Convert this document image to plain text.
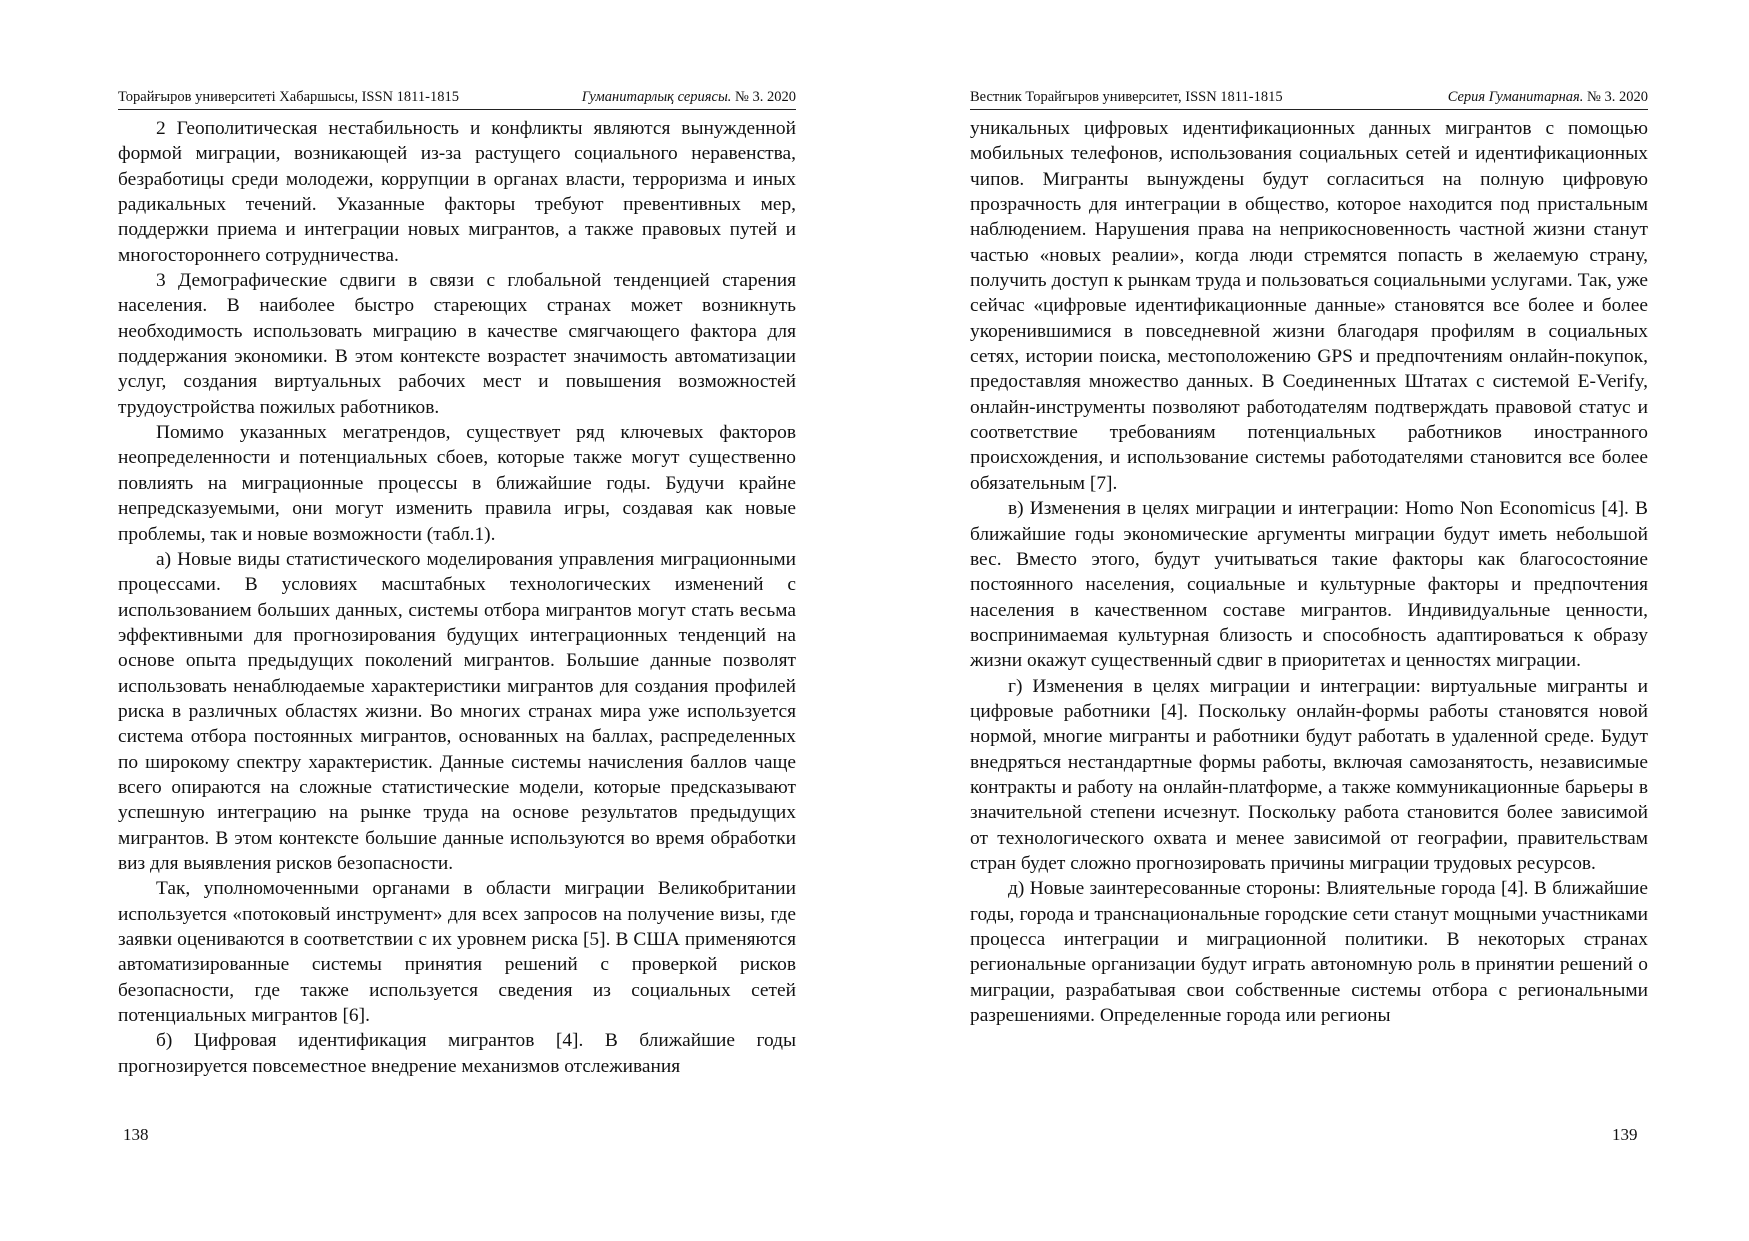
Торайғыров университеті Хабаршысы, ISSN 1811-1815	Гуманитарлық сериясы. № 3. 2020

2 Геополитическая нестабильность и конфликты являются вынужденной формой миграции, возникающей из-за растущего социального неравенства, безработицы среди молодежи, коррупции в органах власти, терроризма и иных радикальных течений. Указанные факторы требуют превентивных мер, поддержки приема и интеграции новых мигрантов, а также правовых путей и многостороннего сотрудничества.

3 Демографические сдвиги в связи с глобальной тенденцией старения населения. В наиболее быстро стареющих странах может возникнуть необходимость использовать миграцию в качестве смягчающего фактора для поддержания экономики. В этом контексте возрастет значимость автоматизации услуг, создания виртуальных рабочих мест и повышения возможностей трудоустройства пожилых работников.

Помимо указанных мегатрендов, существует ряд ключевых факторов неопределенности и потенциальных сбоев, которые также могут существенно повлиять на миграционные процессы в ближайшие годы. Будучи крайне непредсказуемыми, они могут изменить правила игры, создавая как новые проблемы, так и новые возможности (табл.1).

а) Новые виды статистического моделирования управления миграционными процессами. В условиях масштабных технологических изменений с использованием больших данных, системы отбора мигрантов могут стать весьма эффективными для прогнозирования будущих интеграционных тенденций на основе опыта предыдущих поколений мигрантов. Большие данные позволят использовать ненаблюдаемые характеристики мигрантов для создания профилей риска в различных областях жизни. Во многих странах мира уже используется система отбора постоянных мигрантов, основанных на баллах, распределенных по широкому спектру характеристик. Данные системы начисления баллов чаще всего опираются на сложные статистические модели, которые предсказывают успешную интеграцию на рынке труда на основе результатов предыдущих мигрантов. В этом контексте большие данные используются во время обработки виз для выявления рисков безопасности.

Так, уполномоченными органами в области миграции Великобритании используется «потоковый инструмент» для всех запросов на получение визы, где заявки оцениваются в соответствии с их уровнем риска [5]. В США применяются автоматизированные системы принятия решений с проверкой рисков безопасности, где также используется сведения из социальных сетей потенциальных мигрантов [6].

б) Цифровая идентификация мигрантов [4]. В ближайшие годы прогнозируется повсеместное внедрение механизмов отслеживания

138
Вестник Торайгыров университет, ISSN 1811-1815	Серия Гуманитарная. № 3. 2020

уникальных цифровых идентификационных данных мигрантов с помощью мобильных телефонов, использования социальных сетей и идентификационных чипов. Мигранты вынуждены будут согласиться на полную цифровую прозрачность для интеграции в общество, которое находится под пристальным наблюдением. Нарушения права на неприкосновенность частной жизни станут частью «новых реалии», когда люди стремятся попасть в желаемую страну, получить доступ к рынкам труда и пользоваться социальными услугами. Так, уже сейчас «цифровые идентификационные данные» становятся все более и более укоренившимися в повседневной жизни благодаря профилям в социальных сетях, истории поиска, местоположению GPS и предпочтениям онлайн-покупок, предоставляя множество данных. В Соединенных Штатах с системой E-Verify, онлайн-инструменты позволяют работодателям подтверждать правовой статус и соответствие требованиям потенциальных работников иностранного происхождения, и использование системы работодателями становится все более обязательным [7].

в) Изменения в целях миграции и интеграции: Homo Non Economicus [4]. В ближайшие годы экономические аргументы миграции будут иметь небольшой вес. Вместо этого, будут учитываться такие факторы как благосостояние постоянного населения, социальные и культурные факторы и предпочтения населения в качественном составе мигрантов. Индивидуальные ценности, воспринимаемая культурная близость и способность адаптироваться к образу жизни окажут существенный сдвиг в приоритетах и ценностях миграции.

г) Изменения в целях миграции и интеграции: виртуальные мигранты и цифровые работники [4]. Поскольку онлайн-формы работы становятся новой нормой, многие мигранты и работники будут работать в удаленной среде. Будут внедряться нестандартные формы работы, включая самозанятость, независимые контракты и работу на онлайн-платформе, а также коммуникационные барьеры в значительной степени исчезнут. Поскольку работа становится более зависимой от технологического охвата и менее зависимой от географии, правительствам стран будет сложно прогнозировать причины миграции трудовых ресурсов.

д) Новые заинтересованные стороны: Влиятельные города [4]. В ближайшие годы, города и транснациональные городские сети станут мощными участниками процесса интеграции и миграционной политики. В некоторых странах региональные организации будут играть автономную роль в принятии решений о миграции, разрабатывая свои собственные системы отбора с региональными разрешениями. Определенные города или регионы

139
